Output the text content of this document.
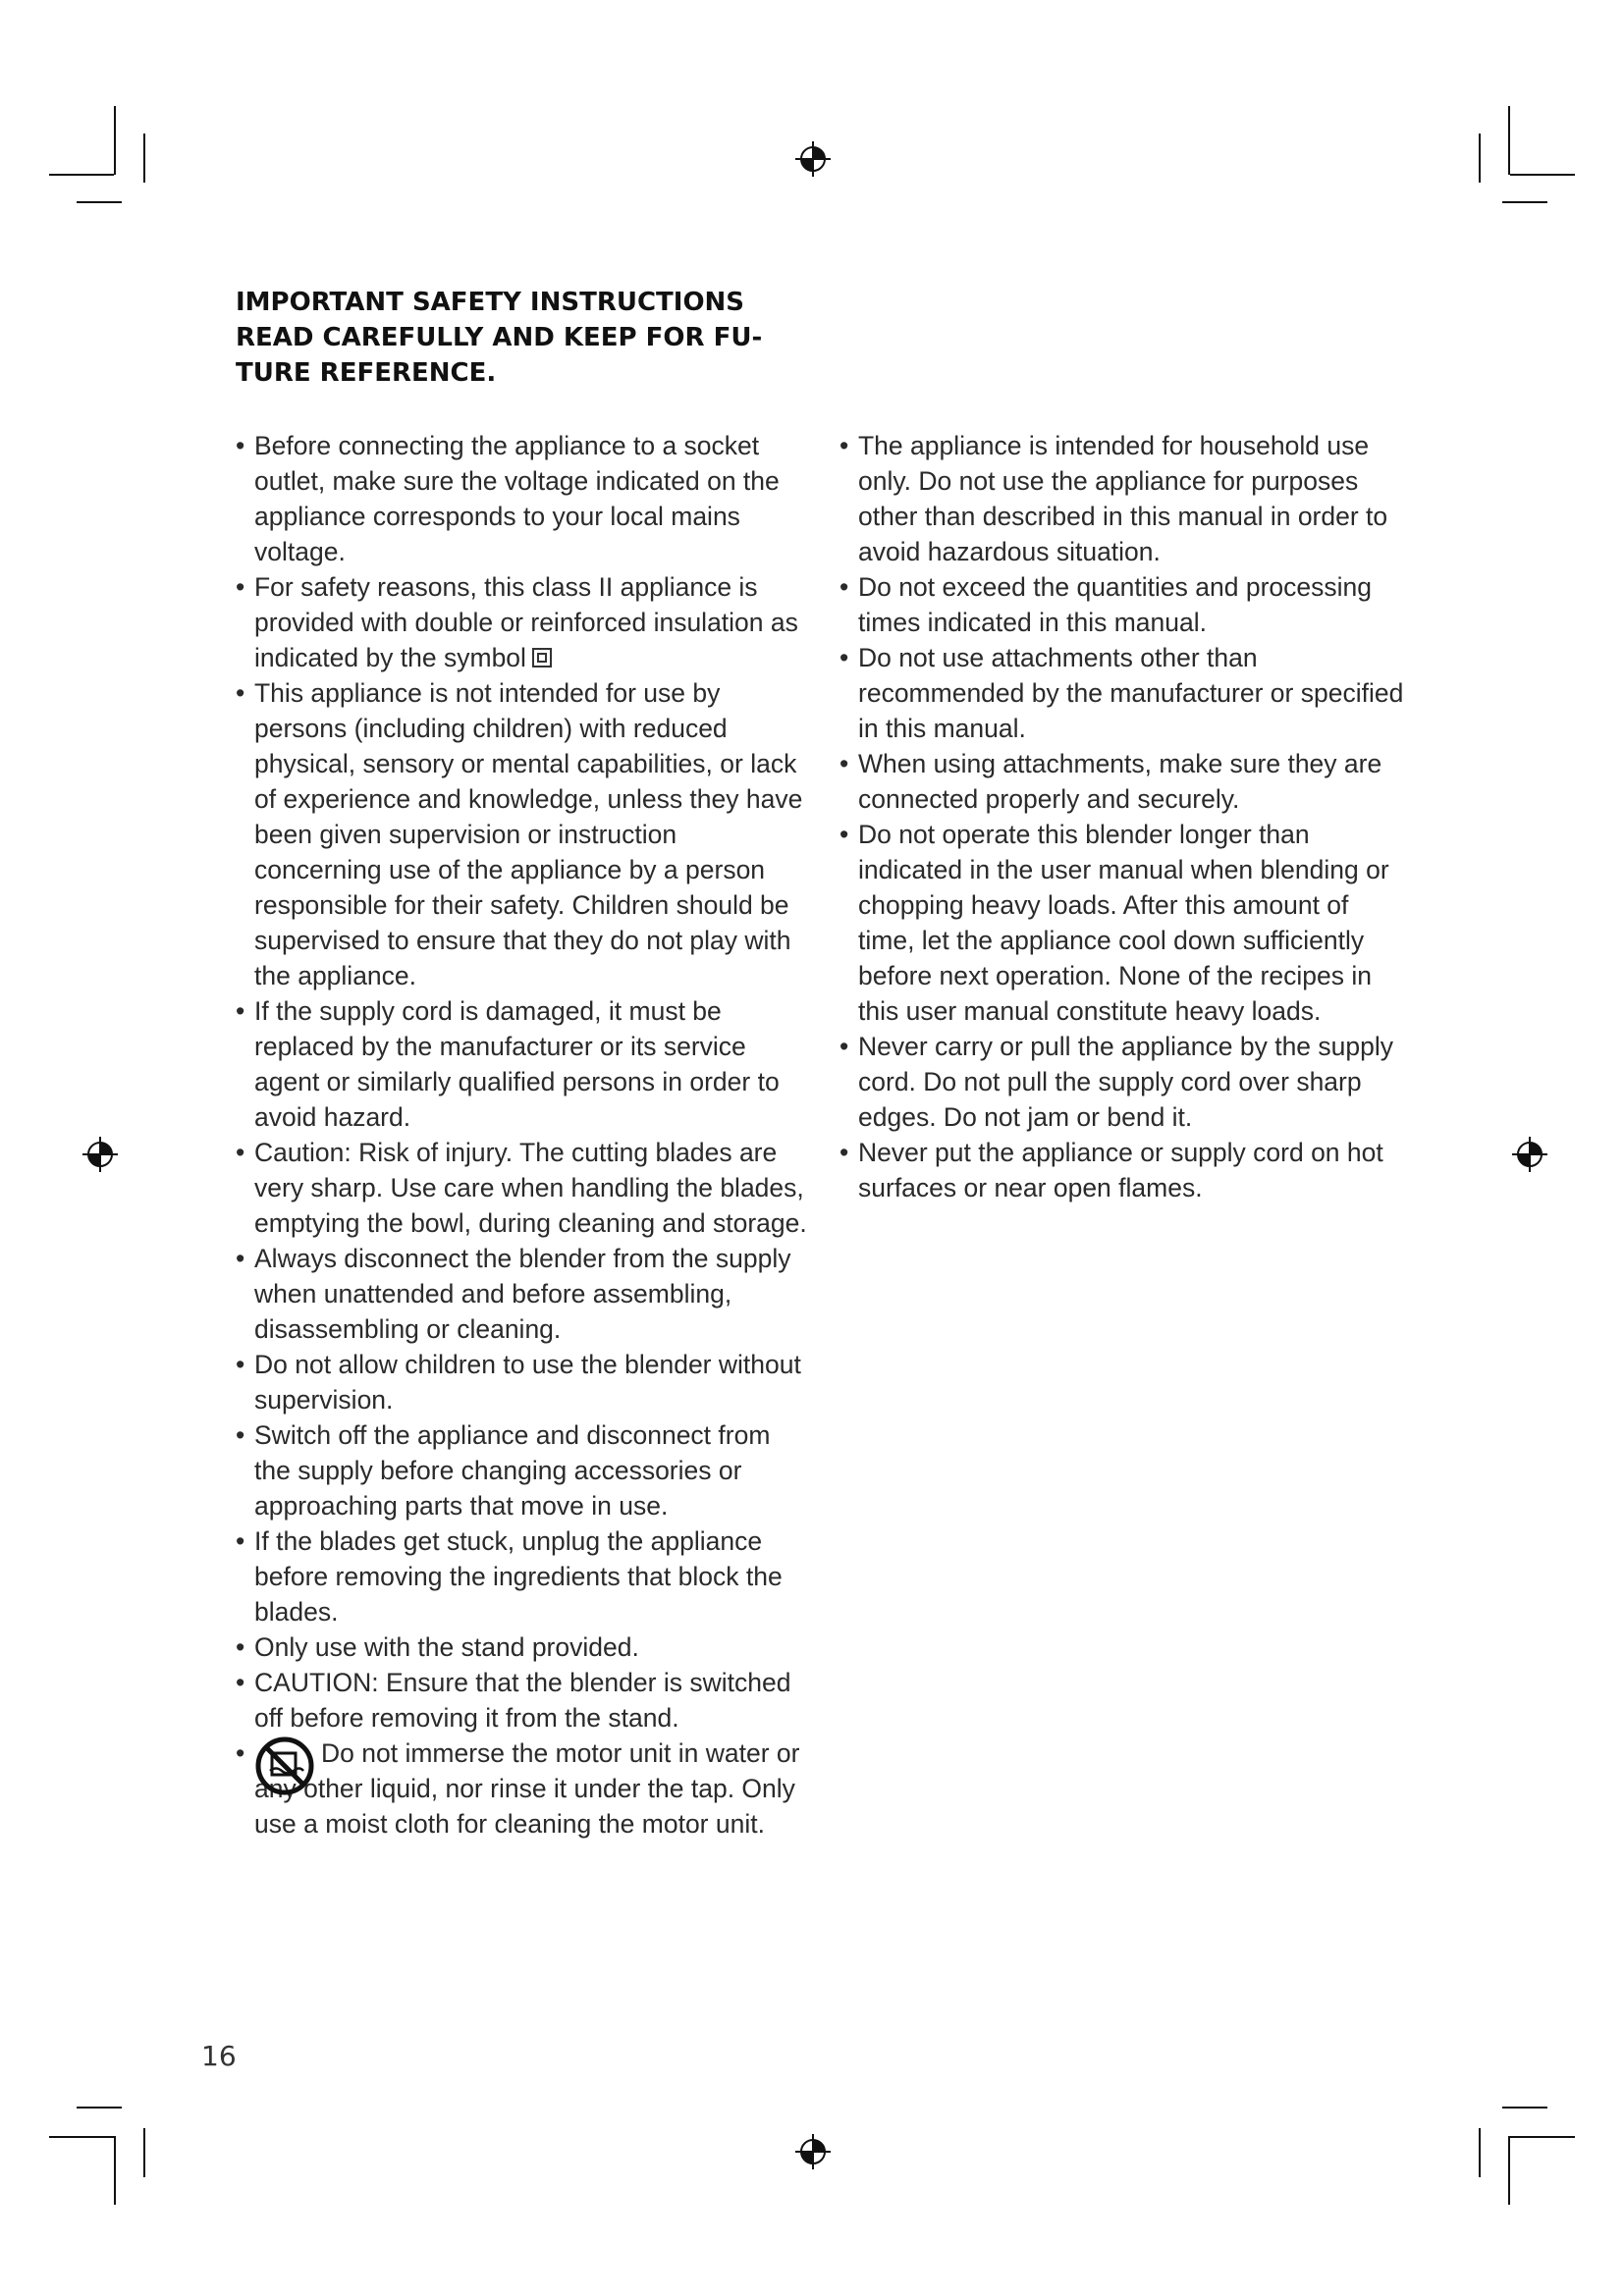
IMPORTANT SAFETY INSTRUCTIONS
READ CAREFULLY AND KEEP FOR FU-
TURE REFERENCE.
• Before connecting the appliance to a socket outlet, make sure the voltage indicated on the appliance corresponds to your local mains voltage.
• For safety reasons, this class II appliance is provided with double or reinforced insulation as indicated by the symbol
• This appliance is not intended for use by persons (including children) with reduced physical, sensory or mental capabilities, or lack of experience and knowledge, unless they have been given supervision or instruction concerning use of the appliance by a person responsible for their safety. Children should be supervised to ensure that they do not play with the appliance.
• If the supply cord is damaged, it must be replaced by the manufacturer or its service agent or similarly qualified persons in order to avoid hazard.
• Caution: Risk of injury. The cutting blades are very sharp. Use care when handling the blades, emptying the bowl, during cleaning and storage.
• Always disconnect the blender from the supply when unattended and before assembling, disassembling or cleaning.
• Do not allow children to use the blender without supervision.
• Switch off the appliance and disconnect from the supply before changing accessories or approaching parts that move in use.
• If the blades get stuck, unplug the appliance before removing the ingredients that block the blades.
• Only use with the stand provided.
• CAUTION: Ensure that the blender is switched off before removing it from the stand.
• Do not immerse the motor unit in water or any other liquid, nor rinse it under the tap. Only use a moist cloth for cleaning the motor unit.
• The appliance is intended for household use only. Do not use the appliance for purposes other than described in this manual in order to avoid hazardous situation.
• Do not exceed the quantities and processing times indicated in this manual.
• Do not use attachments other than recommended by the manufacturer or specified in this manual.
• When using attachments, make sure they are connected properly and securely.
• Do not operate this blender longer than indicated in the user manual when blending or chopping heavy loads. After this amount of time, let the appliance cool down sufficiently before next operation. None of the recipes in this user manual constitute heavy loads.
• Never carry or pull the appliance by the supply cord. Do not pull the supply cord over sharp edges. Do not jam or bend it.
• Never put the appliance or supply cord on hot surfaces or near open flames.
16
